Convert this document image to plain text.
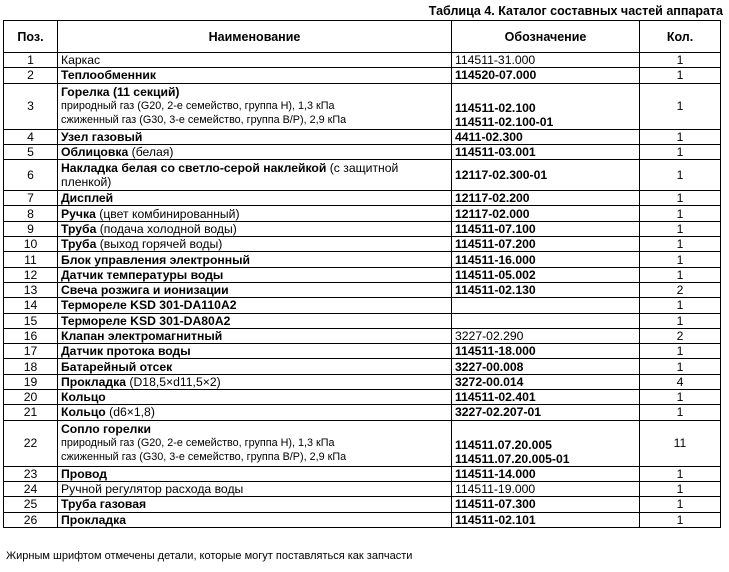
Таблица 4. Каталог составных частей аппарата
Поз.	Наименование	Обозначение	Кол.
1	Каркас	114511-31.000	1
2	Теплообменник	114520-07.000	1
3	Горелка (11 секций)
природный газ (G20, 2-е семейство, группа Н), 1,3 кПа
сжиженный газ (G30, 3-е семейство, группа В/Р), 2,9 кПа	114511-02.100
114511-02.100-01	1
4	Узел газовый	4411-02.300	1
5	Облицовка (белая)	114511-03.001	1
6	Накладка белая со светло-серой наклейкой (с защитной пленкой)	12117-02.300-01	1
7	Дисплей	12117-02.200	1
8	Ручка (цвет комбинированный)	12117-02.000	1
9	Труба (подача холодной воды)	114511-07.100	1
10	Труба (выход горячей воды)	114511-07.200	1
11	Блок управления электронный	114511-16.000	1
12	Датчик температуры воды	114511-05.002	1
13	Свеча розжига и ионизации	114511-02.130	2
14	Термореле KSD 301-DA110A2		1
15	Термореле KSD 301-DA80A2		1
16	Клапан электромагнитный	3227-02.290	2
17	Датчик протока воды	114511-18.000	1
18	Батарейный отсек	3227-00.008	1
19	Прокладка (D18,5×d11,5×2)	3272-00.014	4
20	Кольцо	114511-02.401	1
21	Кольцо (d6×1,8)	3227-02.207-01	1
22	Сопло горелки
природный газ (G20, 2-е семейство, группа Н), 1,3 кПа
сжиженный газ (G30, 3-е семейство, группа В/Р), 2,9 кПа	114511.07.20.005
114511.07.20.005-01	11
23	Провод	114511-14.000	1
24	Ручной регулятор расхода воды	114511-19.000	1
25	Труба газовая	114511-07.300	1
26	Прокладка	114511-02.101	1
Жирным шрифтом отмечены детали, которые могут поставляться как запчасти
